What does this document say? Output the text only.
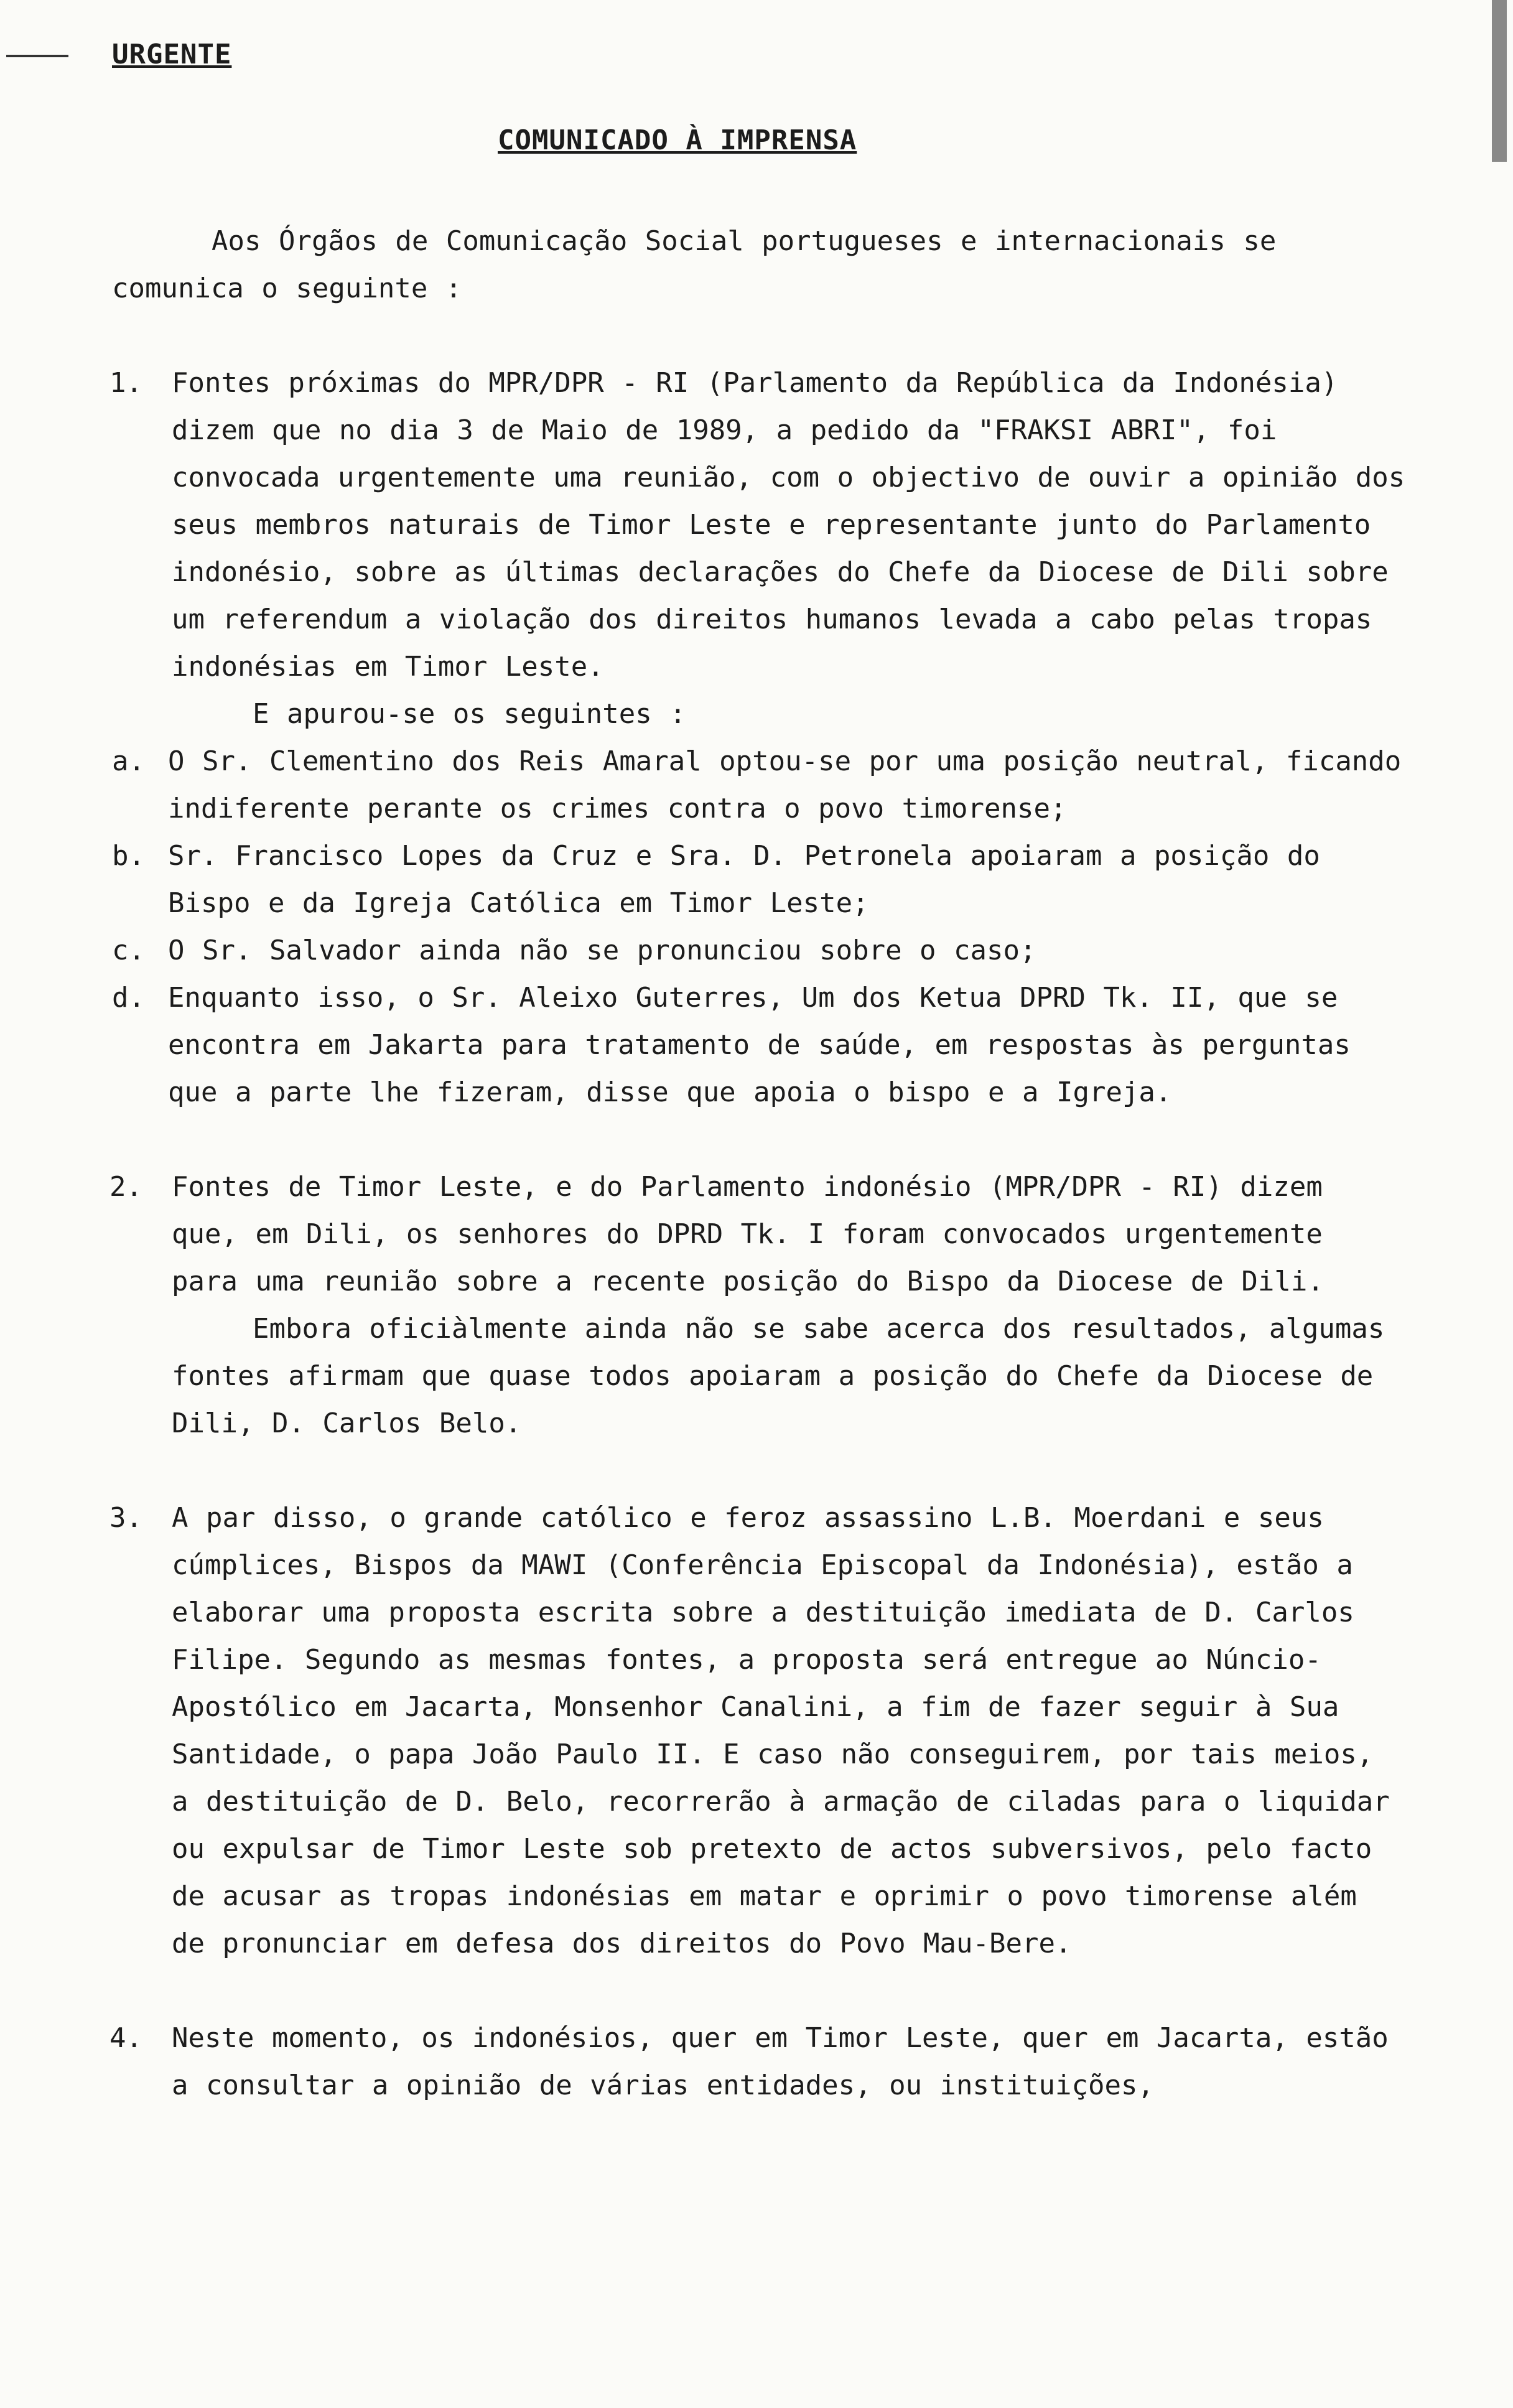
URGENTE
COMUNICADO À IMPRENSA

Aos Órgãos de Comunicação Social portugueses e internacionais se comunica o seguinte :

1.	Fontes próximas do MPR/DPR - RI (Parlamento da República da Indonésia) dizem que no dia 3 de Maio de 1989, a pedido da "FRAKSI ABRI", foi convocada urgentemente uma reunião, com o objectivo de ouvir a opinião dos seus membros naturais de Timor Leste e representante junto do Parlamento indonésio, sobre as últimas declarações do Chefe da Diocese de Dili sobre um referendum a violação dos direitos humanos levada a cabo pelas tropas indonésias em Timor Leste.

E apurou-se os seguintes :

a. O Sr. Clementino dos Reis Amaral optou-se por uma posição neutral, ficando indiferente perante os crimes contra o povo timorense;
b. Sr. Francisco Lopes da Cruz e Sra. D. Petronela apoiaram a posição do Bispo e da Igreja Católica em Timor Leste;
c. O Sr. Salvador ainda não se pronunciou sobre o caso;
d. Enquanto isso, o Sr. Aleixo Guterres, Um dos Ketua DPRD Tk. II, que se encontra em Jakarta para tratamento de saúde, em respostas às perguntas que a parte lhe fizeram, disse que apoia o bispo e a Igreja.
2.	Fontes de Timor Leste, e do Parlamento indonésio (MPR/DPR - RI) dizem que, em Dili, os senhores do DPRD Tk. I foram convocados urgentemente para uma reunião sobre a recente posição do Bispo da Diocese de Dili.

Embora oficiàlmente ainda não se sabe acerca dos resultados, algumas fontes afirmam que quase todos apoiaram a posição do Chefe da Diocese de Dili, D. Carlos Belo.

3.	A par disso, o grande católico e feroz assassino L.B. Moerdani e seus cúmplices, Bispos da MAWI (Conferência Episcopal da Indonésia), estão a elaborar uma proposta escrita sobre a destituição imediata de D. Carlos Filipe. Segundo as mesmas fontes, a proposta será entregue ao Núncio-Apostólico em Jacarta, Monsenhor Canalini, a fim de fazer seguir à Sua Santidade, o papa João Paulo II. E caso não conseguirem, por tais meios, a destituição de D. Belo, recorrerão à armação de ciladas para o liquidar ou expulsar de Timor Leste sob pretexto de actos subversivos, pelo facto de acusar as tropas indonésias em matar e oprimir o povo timorense além de pronunciar em defesa dos direitos do Povo Mau-Bere.

4.	Neste momento, os indonésios, quer em Timor Leste, quer em Jacarta, estão a consultar a opinião de várias entidades, ou instituições,
